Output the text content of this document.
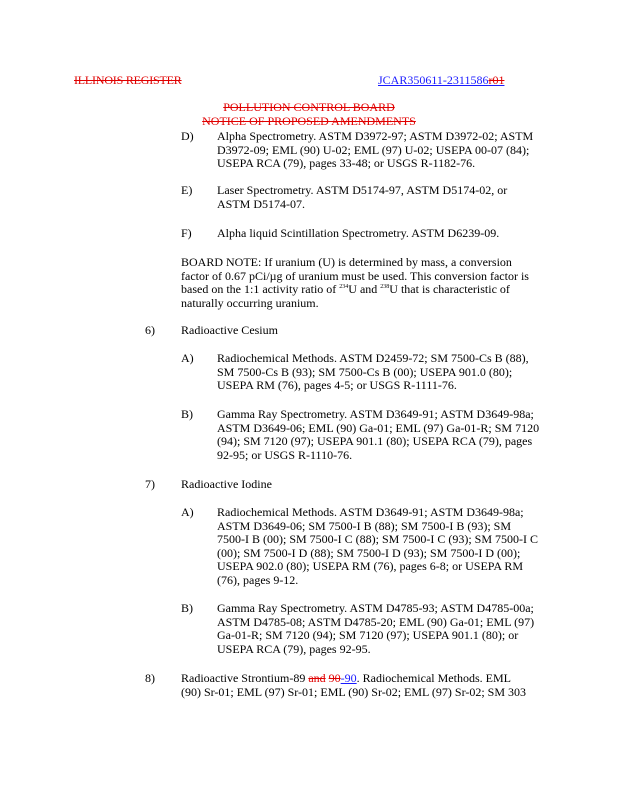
ILLINOIS REGISTER	JCAR350611-2311586r01
POLLUTION CONTROL BOARD
NOTICE OF PROPOSED AMENDMENTS
D) Alpha Spectrometry. ASTM D3972-97; ASTM D3972-02; ASTM
D3972-09; EML (90) U-02; EML (97) U-02; USEPA 00-07 (84);
USEPA RCA (79), pages 33-48; or USGS R-1182-76.
E) Laser Spectrometry. ASTM D5174-97, ASTM D5174-02, or
ASTM D5174-07.
F) Alpha liquid Scintillation Spectrometry. ASTM D6239-09.
BOARD NOTE: If uranium (U) is determined by mass, a conversion
factor of 0.67 pCi/µg of uranium must be used. This conversion factor is
based on the 1:1 activity ratio of $^{234}$U and $^{238}$U that is characteristic of
naturally occurring uranium.
6) Radioactive Cesium
A) Radiochemical Methods. ASTM D2459-72; SM 7500-Cs B (88),
SM 7500-Cs B (93); SM 7500-Cs B (00); USEPA 901.0 (80);
USEPA RM (76), pages 4-5; or USGS R-1111-76.
B) Gamma Ray Spectrometry. ASTM D3649-91; ASTM D3649-98a;
ASTM D3649-06; EML (90) Ga-01; EML (97) Ga-01-R; SM 7120
(94); SM 7120 (97); USEPA 901.1 (80); USEPA RCA (79), pages
92-95; or USGS R-1110-76.
7) Radioactive Iodine
A) Radiochemical Methods. ASTM D3649-91; ASTM D3649-98a;
ASTM D3649-06; SM 7500-I B (88); SM 7500-I B (93); SM
7500-I B (00); SM 7500-I C (88); SM 7500-I C (93); SM 7500-I C
(00); SM 7500-I D (88); SM 7500-I D (93); SM 7500-I D (00);
USEPA 902.0 (80); USEPA RM (76), pages 6-8; or USEPA RM
(76), pages 9-12.
B) Gamma Ray Spectrometry. ASTM D4785-93; ASTM D4785-00a;
ASTM D4785-08; ASTM D4785-20; EML (90) Ga-01; EML (97)
Ga-01-R; SM 7120 (94); SM 7120 (97); USEPA 901.1 (80); or
USEPA RCA (79), pages 92-95.
8) Radioactive Strontium-89 and 90-90. Radiochemical Methods. EML
(90) Sr-01; EML (97) Sr-01; EML (90) Sr-02; EML (97) Sr-02; SM 303
